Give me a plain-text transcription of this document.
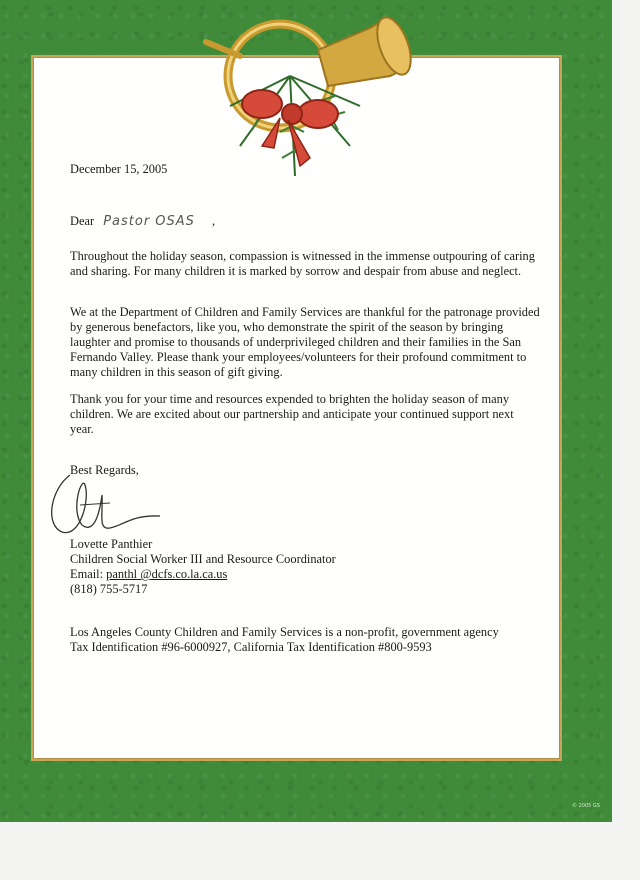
December 15, 2005
Dear Pastor OSAS ,
Throughout the holiday season, compassion is witnessed in the immense outpouring of caring and sharing. For many children it is marked by sorrow and despair from abuse and neglect.
We at the Department of Children and Family Services are thankful for the patronage provided by generous benefactors, like you, who demonstrate the spirit of the season by bringing laughter and promise to thousands of underprivileged children and their families in the San Fernando Valley. Please thank your employees/volunteers for their profound commitment to many children in this season of gift giving.
Thank you for your time and resources expended to brighten the holiday season of many children. We are excited about our partnership and anticipate your continued support next year.
Best Regards,
Lovette Panthier
Children Social Worker III and Resource Coordinator
Email: panthl @dcfs.co.la.ca.us
(818) 755-5717
Los Angeles County Children and Family Services is a non-profit, government agency
Tax Identification #96-6000927, California Tax Identification #800-9593
© 2005 GS
